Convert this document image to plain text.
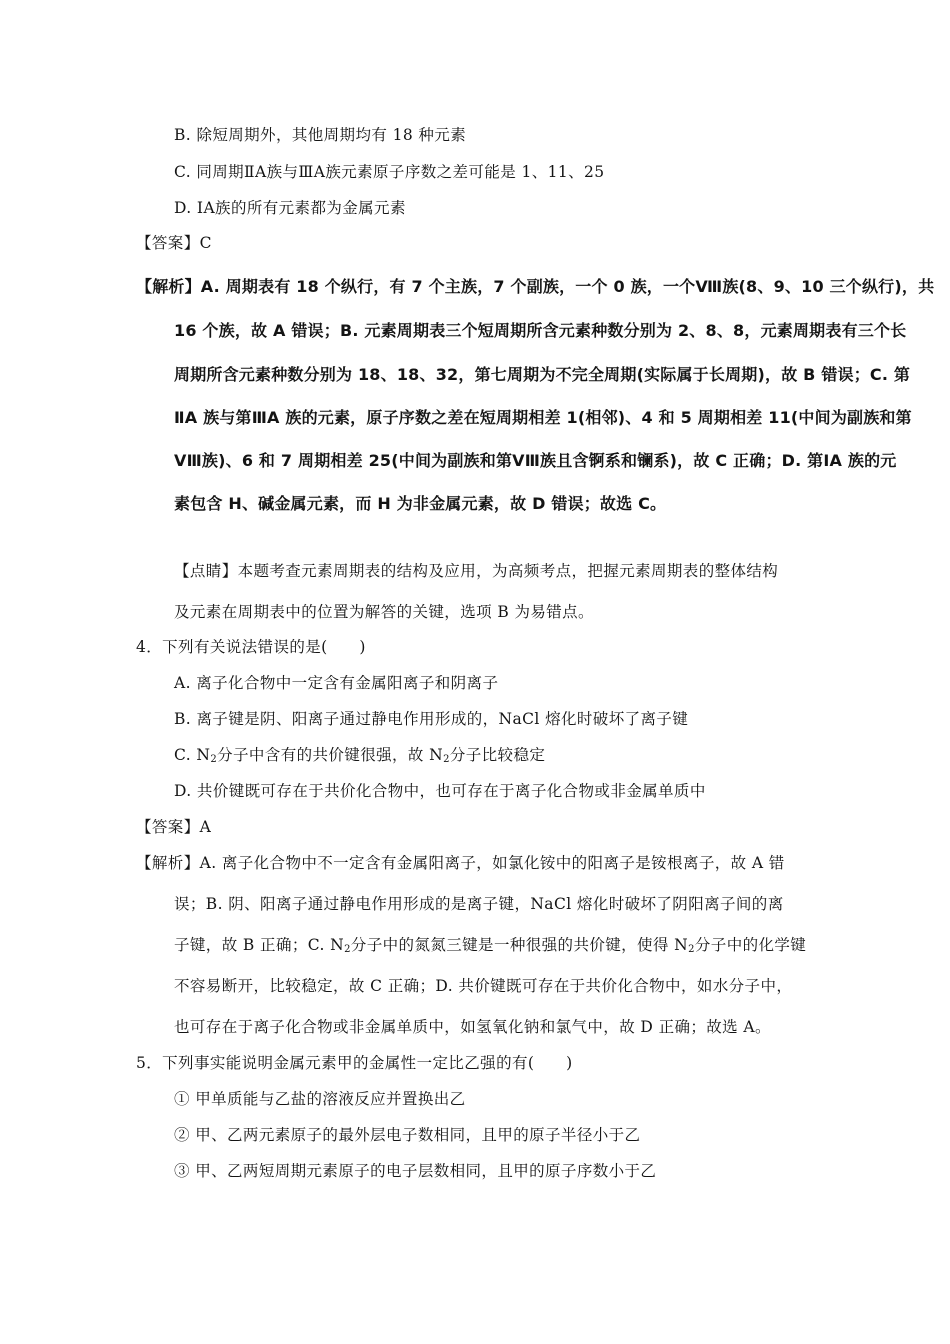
B. 除短周期外，其他周期均有 18 种元素
C. 同周期ⅡA族与ⅢA族元素原子序数之差可能是 1、11、25
D. ⅠA族的所有元素都为金属元素
【答案】C
【解析】A. 周期表有 18 个纵行，有 7 个主族，7 个副族，一个 0 族，一个Ⅷ族(8、9、10 三个纵行)，共
16 个族，故 A 错误；B. 元素周期表三个短周期所含元素种数分别为 2、8、8，元素周期表有三个长
周期所含元素种数分别为 18、18、32，第七周期为不完全周期(实际属于长周期)，故 B 错误；C. 第
ⅡA 族与第ⅢA 族的元素，原子序数之差在短周期相差 1(相邻)、4 和 5 周期相差 11(中间为副族和第
ⅤⅢ族)、6 和 7 周期相差 25(中间为副族和第ⅤⅢ族且含锕系和镧系)，故 C 正确；D. 第ⅠA 族的元
素包含 H、碱金属元素，而 H 为非金属元素，故 D 错误；故选 C。
【点睛】本题考查元素周期表的结构及应用，为高频考点，把握元素周期表的整体结构
及元素在周期表中的位置为解答的关键，选项 B 为易错点。
4．下列有关说法错误的是(　　)
A. 离子化合物中一定含有金属阳离子和阴离子
B. 离子键是阴、阳离子通过静电作用形成的，NaCl 熔化时破坏了离子键
C. $N_2$分子中含有的共价键很强，故 $N_2$分子比较稳定
D. 共价键既可存在于共价化合物中，也可存在于离子化合物或非金属单质中
【答案】A
【解析】A. 离子化合物中不一定含有金属阳离子，如氯化铵中的阳离子是铵根离子，故 A 错
误；B. 阴、阳离子通过静电作用形成的是离子键，NaCl 熔化时破坏了阴阳离子间的离
子键，故 B 正确；C. $N_2$分子中的氮氮三键是一种很强的共价键，使得 $N_2$分子中的化学键
不容易断开，比较稳定，故 C 正确；D. 共价键既可存在于共价化合物中，如水分子中，
也可存在于离子化合物或非金属单质中，如氢氧化钠和氯气中，故 D 正确；故选 A。
5．下列事实能说明金属元素甲的金属性一定比乙强的有(　　)
① 甲单质能与乙盐的溶液反应并置换出乙
② 甲、乙两元素原子的最外层电子数相同，且甲的原子半径小于乙
③ 甲、乙两短周期元素原子的电子层数相同，且甲的原子序数小于乙
